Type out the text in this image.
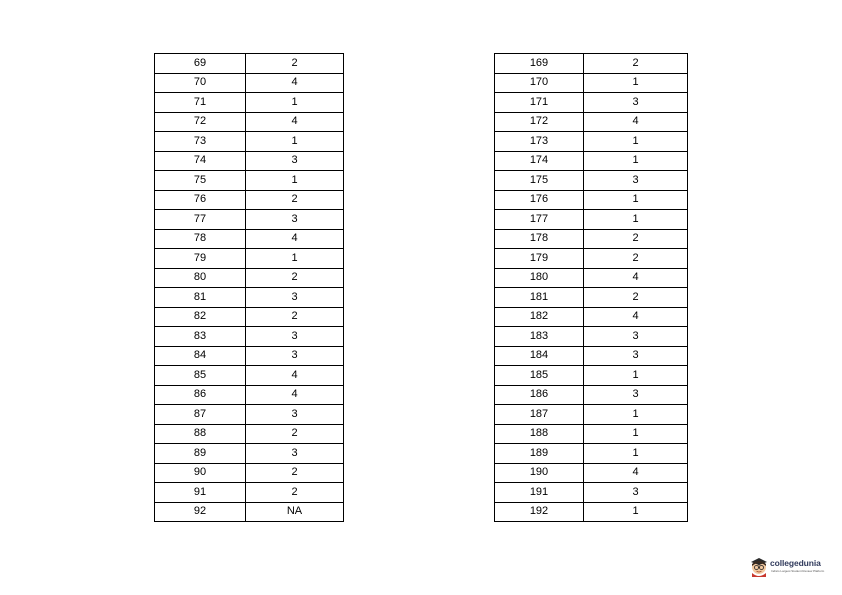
69	2
70	4
71	1
72	4
73	1
74	3
75	1
76	2
77	3
78	4
79	1
80	2
81	3
82	2
83	3
84	3
85	4
86	4
87	3
88	2
89	3
90	2
91	2
92	NA
169	2
170	1
171	3
172	4
173	1
174	1
175	3
176	1
177	1
178	2
179	2
180	4
181	2
182	4
183	3
184	3
185	1
186	3
187	1
188	1
189	1
190	4
191	3
192	1
collegedunia
India's Largest Student Review Platform
